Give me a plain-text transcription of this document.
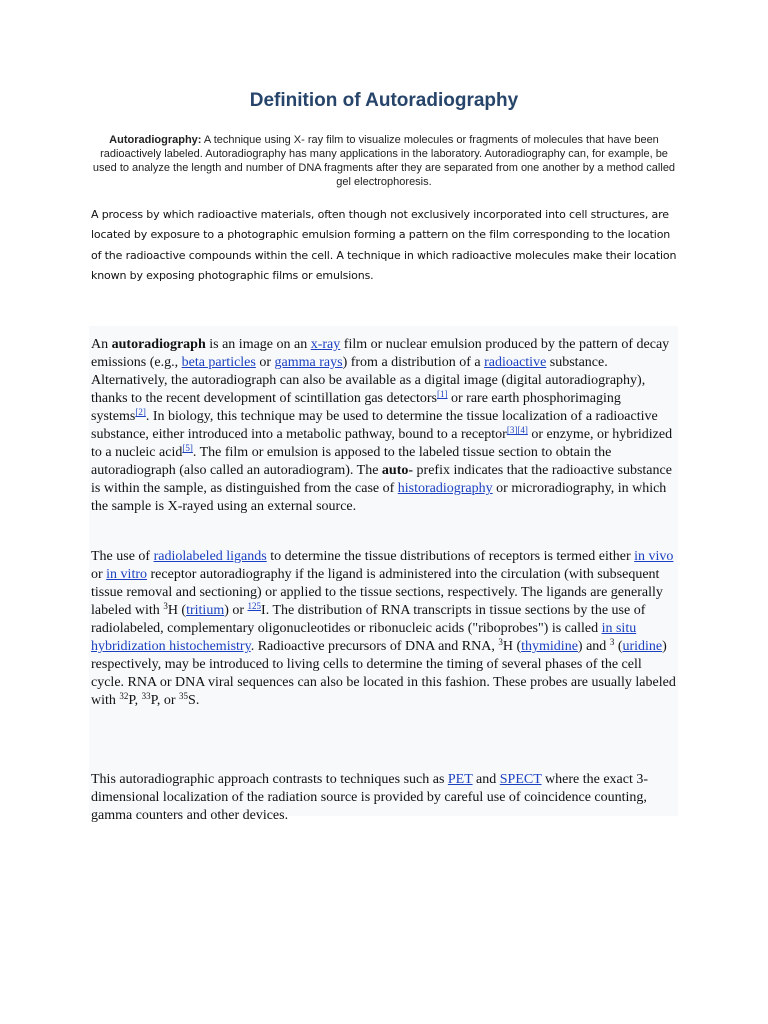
Definition of Autoradiography

Autoradiography: A technique using X- ray film to visualize molecules or fragments of molecules that have been radioactively labeled. Autoradiography has many applications in the laboratory. Autoradiography can, for example, be used to analyze the length and number of DNA fragments after they are separated from one another by a method called gel electrophoresis.

A process by which radioactive materials, often though not exclusively incorporated into cell structures, are located by exposure to a photographic emulsion forming a pattern on the film corresponding to the location of the radioactive compounds within the cell. A technique in which radioactive molecules make their location known by exposing photographic films or emulsions.

An autoradiograph is an image on an x-ray film or nuclear emulsion produced by the pattern of decay emissions (e.g., beta particles or gamma rays) from a distribution of a radioactive substance. Alternatively, the autoradiograph can also be available as a digital image (digital autoradiography), thanks to the recent development of scintillation gas detectors[1] or rare earth phosphorimaging systems[2]. In biology, this technique may be used to determine the tissue localization of a radioactive substance, either introduced into a metabolic pathway, bound to a receptor[3][4] or enzyme, or hybridized to a nucleic acid[5]. The film or emulsion is apposed to the labeled tissue section to obtain the autoradiograph (also called an autoradiogram). The auto- prefix indicates that the radioactive substance is within the sample, as distinguished from the case of historadiography or microradiography, in which the sample is X-rayed using an external source.

The use of radiolabeled ligands to determine the tissue distributions of receptors is termed either in vivo or in vitro receptor autoradiography if the ligand is administered into the circulation (with subsequent tissue removal and sectioning) or applied to the tissue sections, respectively. The ligands are generally labeled with $^3$H (tritium) or $^{125}$I. The distribution of RNA transcripts in tissue sections by the use of radiolabeled, complementary oligonucleotides or ribonucleic acids ("riboprobes") is called in situ hybridization histochemistry. Radioactive precursors of DNA and RNA, $^3$H (thymidine) and $^3$ (uridine) respectively, may be introduced to living cells to determine the timing of several phases of the cell cycle. RNA or DNA viral sequences can also be located in this fashion. These probes are usually labeled with $^{32}$P, $^{33}$P, or $^{35}$S.

This autoradiographic approach contrasts to techniques such as PET and SPECT where the exact 3-dimensional localization of the radiation source is provided by careful use of coincidence counting, gamma counters and other devices.
